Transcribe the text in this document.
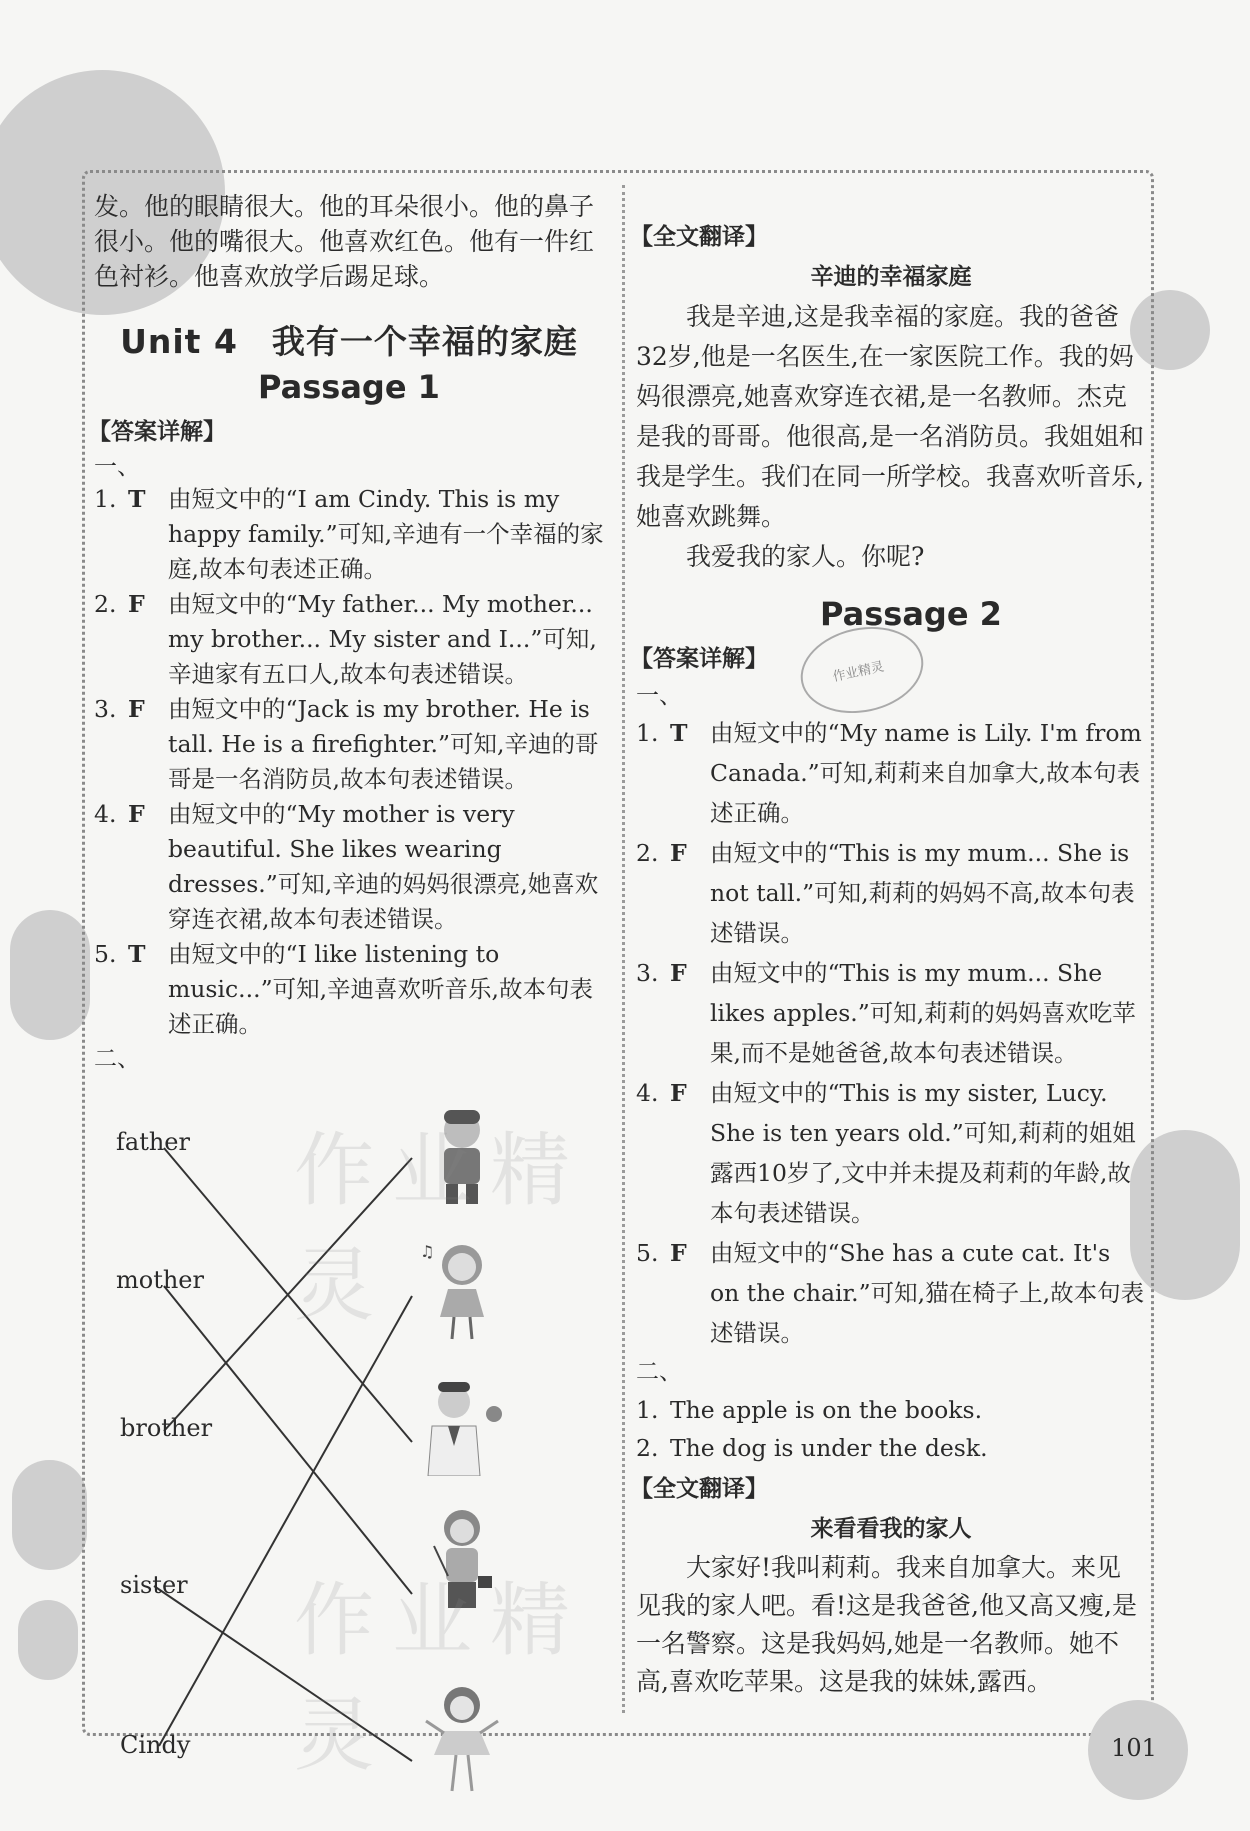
发。他的眼睛很大。他的耳朵很小。他的鼻子很小。他的嘴很大。他喜欢红色。他有一件红色衬衫。他喜欢放学后踢足球。

Unit 4　我有一个幸福的家庭

Passage 1

【答案详解】

一、

1. T 由短文中的“I am Cindy. This is my happy family.”可知,辛迪有一个幸福的家庭,故本句表述正确。
2. F 由短文中的“My father... My mother... my brother... My sister and I...”可知,辛迪家有五口人,故本句表述错误。
3. F 由短文中的“Jack is my brother. He is tall. He is a firefighter.”可知,辛迪的哥哥是一名消防员,故本句表述错误。
4. F 由短文中的“My mother is very beautiful. She likes wearing dresses.”可知,辛迪的妈妈很漂亮,她喜欢穿连衣裙,故本句表述错误。
5. T 由短文中的“I like listening to music...”可知,辛迪喜欢听音乐,故本句表述正确。

二、

father
mother
brother
sister
Cindy
♫
作业精灵
作业精灵

【全文翻译】

辛迪的幸福家庭

我是辛迪,这是我幸福的家庭。我的爸爸32岁,他是一名医生,在一家医院工作。我的妈妈很漂亮,她喜欢穿连衣裙,是一名教师。杰克是我的哥哥。他很高,是一名消防员。我姐姐和我是学生。我们在同一所学校。我喜欢听音乐,她喜欢跳舞。

我爱我的家人。你呢?

Passage 2

【答案详解】

一、

1. T 由短文中的“My name is Lily. I'm from Canada.”可知,莉莉来自加拿大,故本句表述正确。
2. F 由短文中的“This is my mum... She is not tall.”可知,莉莉的妈妈不高,故本句表述错误。
3. F 由短文中的“This is my mum... She likes apples.”可知,莉莉的妈妈喜欢吃苹果,而不是她爸爸,故本句表述错误。
4. F 由短文中的“This is my sister, Lucy. She is ten years old.”可知,莉莉的姐姐露西10岁了,文中并未提及莉莉的年龄,故本句表述错误。
5. F 由短文中的“She has a cute cat. It's on the chair.”可知,猫在椅子上,故本句表述错误。

二、

1. The apple is on the books.
2. The dog is under the desk.

【全文翻译】

来看看我的家人

大家好!我叫莉莉。我来自加拿大。来见见我的家人吧。看!这是我爸爸,他又高又瘦,是一名警察。这是我妈妈,她是一名教师。她不高,喜欢吃苹果。这是我的妹妹,露西。

作业精灵
101
